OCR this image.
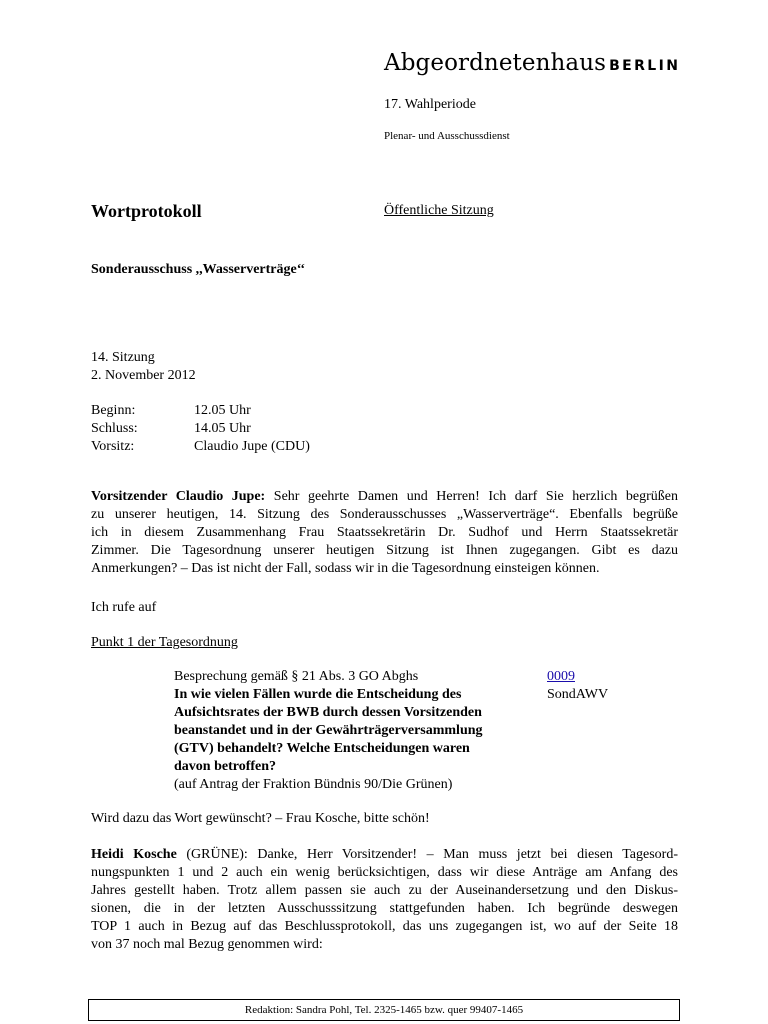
Abgeordnetenhaus BERLIN
17. Wahlperiode
Plenar- und Ausschussdienst
Wortprotokoll	Öffentliche Sitzung
Sonderausschuss ,,Wasserverträge‘‘
14. Sitzung
2. November 2012
Beginn:	12.05 Uhr
Schluss:	14.05 Uhr
Vorsitz:	Claudio Jupe (CDU)
Vorsitzender Claudio Jupe: Sehr geehrte Damen und Herren! Ich darf Sie herzlich begrüßen
zu unserer heutigen, 14. Sitzung des Sonderausschusses „Wasserverträge“. Ebenfalls begrüße
ich in diesem Zusammenhang Frau Staatssekretärin Dr. Sudhof und Herrn Staatssekretär
Zimmer. Die Tagesordnung unserer heutigen Sitzung ist Ihnen zugegangen. Gibt es dazu
Anmerkungen? – Das ist nicht der Fall, sodass wir in die Tagesordnung einsteigen können.
Ich rufe auf
Punkt 1 der Tagesordnung
Besprechung gemäß § 21 Abs. 3 GO Abghs
In wie vielen Fällen wurde die Entscheidung des
Aufsichtsrates der BWB durch dessen Vorsitzenden
beanstandet und in der Gewährträgerversammlung
(GTV) behandelt? Welche Entscheidungen waren
davon betroffen?
(auf Antrag der Fraktion Bündnis 90/Die Grünen)
0009
SondAWV
Wird dazu das Wort gewünscht? – Frau Kosche, bitte schön!
Heidi Kosche (GRÜNE): Danke, Herr Vorsitzender! – Man muss jetzt bei diesen Tagesord-
nungspunkten 1 und 2 auch ein wenig berücksichtigen, dass wir diese Anträge am Anfang des
Jahres gestellt haben. Trotz allem passen sie auch zu der Auseinandersetzung und den Diskus-
sionen, die in der letzten Ausschusssitzung stattgefunden haben. Ich begründe deswegen
TOP 1 auch in Bezug auf das Beschlussprotokoll, das uns zugegangen ist, wo auf der Seite 18
von 37 noch mal Bezug genommen wird:
Redaktion: Sandra Pohl, Tel. 2325-1465 bzw. quer 99407-1465
